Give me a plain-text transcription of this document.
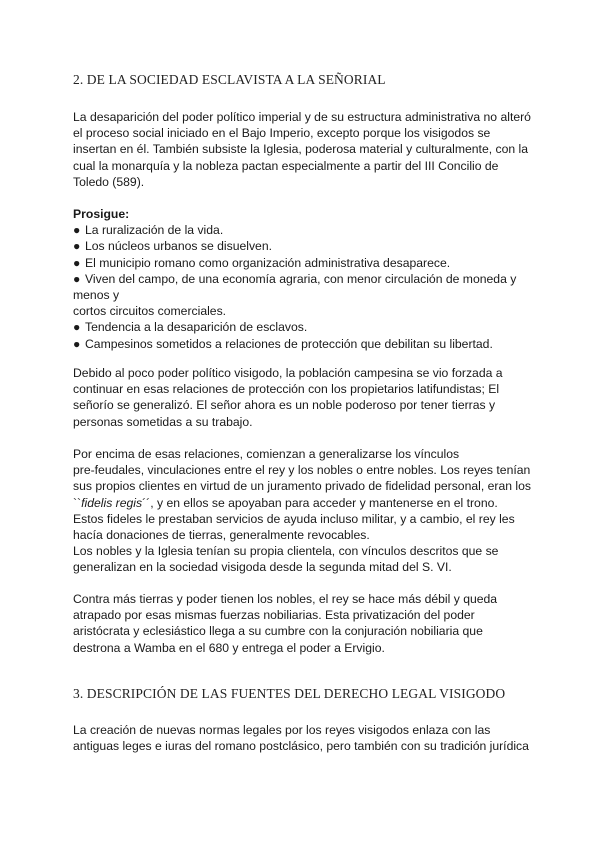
2. DE LA SOCIEDAD ESCLAVISTA A LA SEÑORIAL
La desaparición del poder político imperial y de su estructura administrativa no alteró
el proceso social iniciado en el Bajo Imperio, excepto porque los visigodos se
insertan en él. También subsiste la Iglesia, poderosa material y culturalmente, con la
cual la monarquía y la nobleza pactan especialmente a partir del III Concilio de
Toledo (589).
Prosigue:
● La ruralización de la vida.
● Los núcleos urbanos se disuelven.
● El municipio romano como organización administrativa desaparece.
● Viven del campo, de una economía agraria, con menor circulación de moneda y
menos y
cortos circuitos comerciales.
● Tendencia a la desaparición de esclavos.
● Campesinos sometidos a relaciones de protección que debilitan su libertad.
Debido al poco poder político visigodo, la población campesina se vio forzada a
continuar en esas relaciones de protección con los propietarios latifundistas; El
señorío se generalizó. El señor ahora es un noble poderoso por tener tierras y
personas sometidas a su trabajo.
Por encima de esas relaciones, comienzan a generalizarse los vínculos
pre-feudales, vinculaciones entre el rey y los nobles o entre nobles. Los reyes tenían
sus propios clientes en virtud de un juramento privado de fidelidad personal, eran los
``fidelis regis´´, y en ellos se apoyaban para acceder y mantenerse en el trono.
Estos fideles le prestaban servicios de ayuda incluso militar, y a cambio, el rey les
hacía donaciones de tierras, generalmente revocables.
Los nobles y la Iglesia tenían su propia clientela, con vínculos descritos que se
generalizan en la sociedad visigoda desde la segunda mitad del S. VI.
Contra más tierras y poder tienen los nobles, el rey se hace más débil y queda
atrapado por esas mismas fuerzas nobiliarias. Esta privatización del poder
aristócrata y eclesiástico llega a su cumbre con la conjuración nobiliaria que
destrona a Wamba en el 680 y entrega el poder a Ervigio.
3. DESCRIPCIÓN DE LAS FUENTES DEL DERECHO LEGAL VISIGODO
La creación de nuevas normas legales por los reyes visigodos enlaza con las
antiguas leges e iuras del romano postclásico, pero también con su tradición jurídica
